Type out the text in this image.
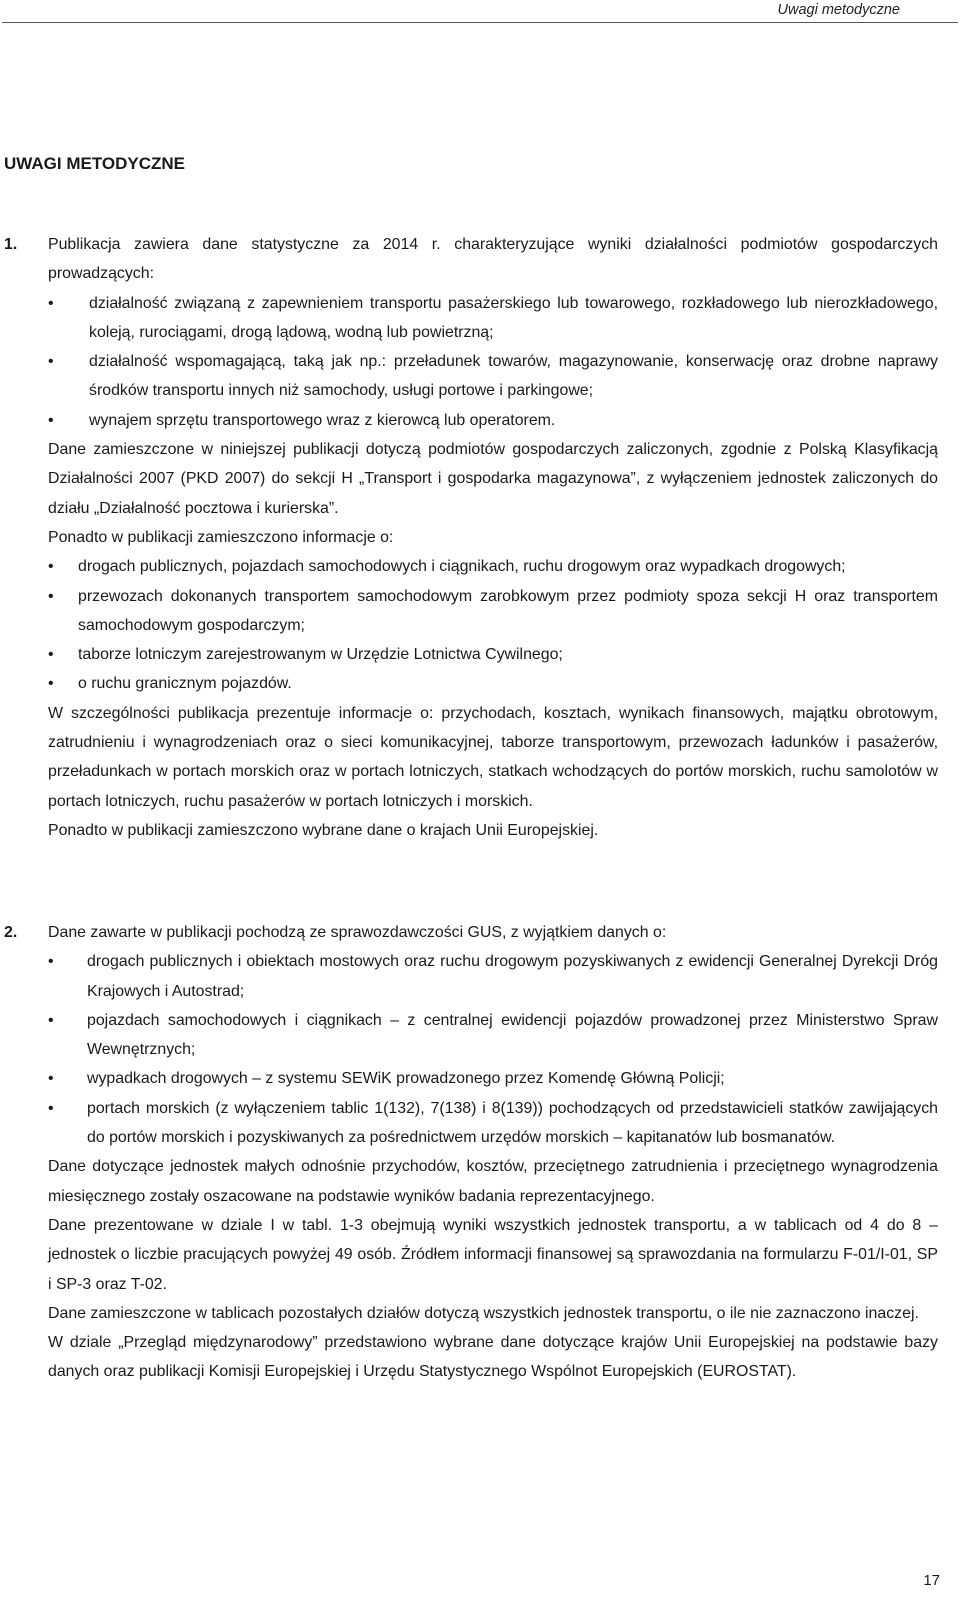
Uwagi metodyczne
UWAGI METODYCZNE
1. Publikacja zawiera dane statystyczne za 2014 r. charakteryzujące wyniki działalności podmiotów gospodarczych prowadzących:
•	działalność związaną z zapewnieniem transportu pasażerskiego lub towarowego, rozkładowego lub nierozkładowego, koleją, rurociągami, drogą lądową, wodną lub powietrzną;
•	działalność wspomagającą, taką jak np.: przeładunek towarów, magazynowanie, konserwację oraz drobne naprawy środków transportu innych niż samochody, usługi portowe i parkingowe;
•	wynajem sprzętu transportowego wraz z kierowcą lub operatorem.
Dane zamieszczone w niniejszej publikacji dotyczą podmiotów gospodarczych zaliczonych, zgodnie z Polską Klasyfikacją Działalności 2007 (PKD 2007) do sekcji H „Transport i gospodarka magazynowa”, z wyłączeniem jednostek zaliczonych do działu „Działalność pocztowa i kurierska”.
Ponadto w publikacji zamieszczono informacje o:
•	drogach publicznych, pojazdach samochodowych i ciągnikach, ruchu drogowym oraz wypadkach drogowych;
•	przewozach dokonanych transportem samochodowym zarobkowym przez podmioty spoza sekcji H oraz transportem samochodowym gospodarczym;
•	taborze lotniczym zarejestrowanym w Urzędzie Lotnictwa Cywilnego;
•	o ruchu granicznym pojazdów.
W szczególności publikacja prezentuje informacje o: przychodach, kosztach, wynikach finansowych, majątku obrotowym, zatrudnieniu i wynagrodzeniach oraz o sieci komunikacyjnej, taborze transportowym, przewozach ładunków i pasażerów, przeładunkach w portach morskich oraz w portach lotniczych, statkach wchodzących do portów morskich, ruchu samolotów w portach lotniczych, ruchu pasażerów w portach lotniczych i morskich.
Ponadto w publikacji zamieszczono wybrane dane o krajach Unii Europejskiej.
2. Dane zawarte w publikacji pochodzą ze sprawozdawczości GUS, z wyjątkiem danych o:
•	drogach publicznych i obiektach mostowych oraz ruchu drogowym pozyskiwanych z ewidencji Generalnej Dyrekcji Dróg Krajowych i Autostrad;
•	pojazdach samochodowych i ciągnikach – z centralnej ewidencji pojazdów prowadzonej przez Ministerstwo Spraw Wewnętrznych;
•	wypadkach drogowych – z systemu SEWiK prowadzonego przez Komendę Główną Policji;
•	portach morskich (z wyłączeniem tablic 1(132), 7(138) i 8(139)) pochodzących od przedstawicieli statków zawijających do portów morskich i pozyskiwanych za pośrednictwem urzędów morskich – kapitanatów lub bosmanatów.
Dane dotyczące jednostek małych odnośnie przychodów, kosztów, przeciętnego zatrudnienia i przeciętnego wynagrodzenia miesięcznego zostały oszacowane na podstawie wyników badania reprezentacyjnego.
Dane prezentowane w dziale I w tabl. 1-3 obejmują wyniki wszystkich jednostek transportu, a w tablicach od 4 do 8 – jednostek o liczbie pracujących powyżej 49 osób. Źródłem informacji finansowej są sprawozdania na formularzu F-01/I-01, SP i SP-3 oraz T-02.
Dane zamieszczone w tablicach pozostałych działów dotyczą wszystkich jednostek transportu, o ile nie zaznaczono inaczej.
W dziale „Przegląd międzynarodowy” przedstawiono wybrane dane dotyczące krajów Unii Europejskiej na podstawie bazy danych oraz publikacji Komisji Europejskiej i Urzędu Statystycznego Wspólnot Europejskich (EUROSTAT).
17
